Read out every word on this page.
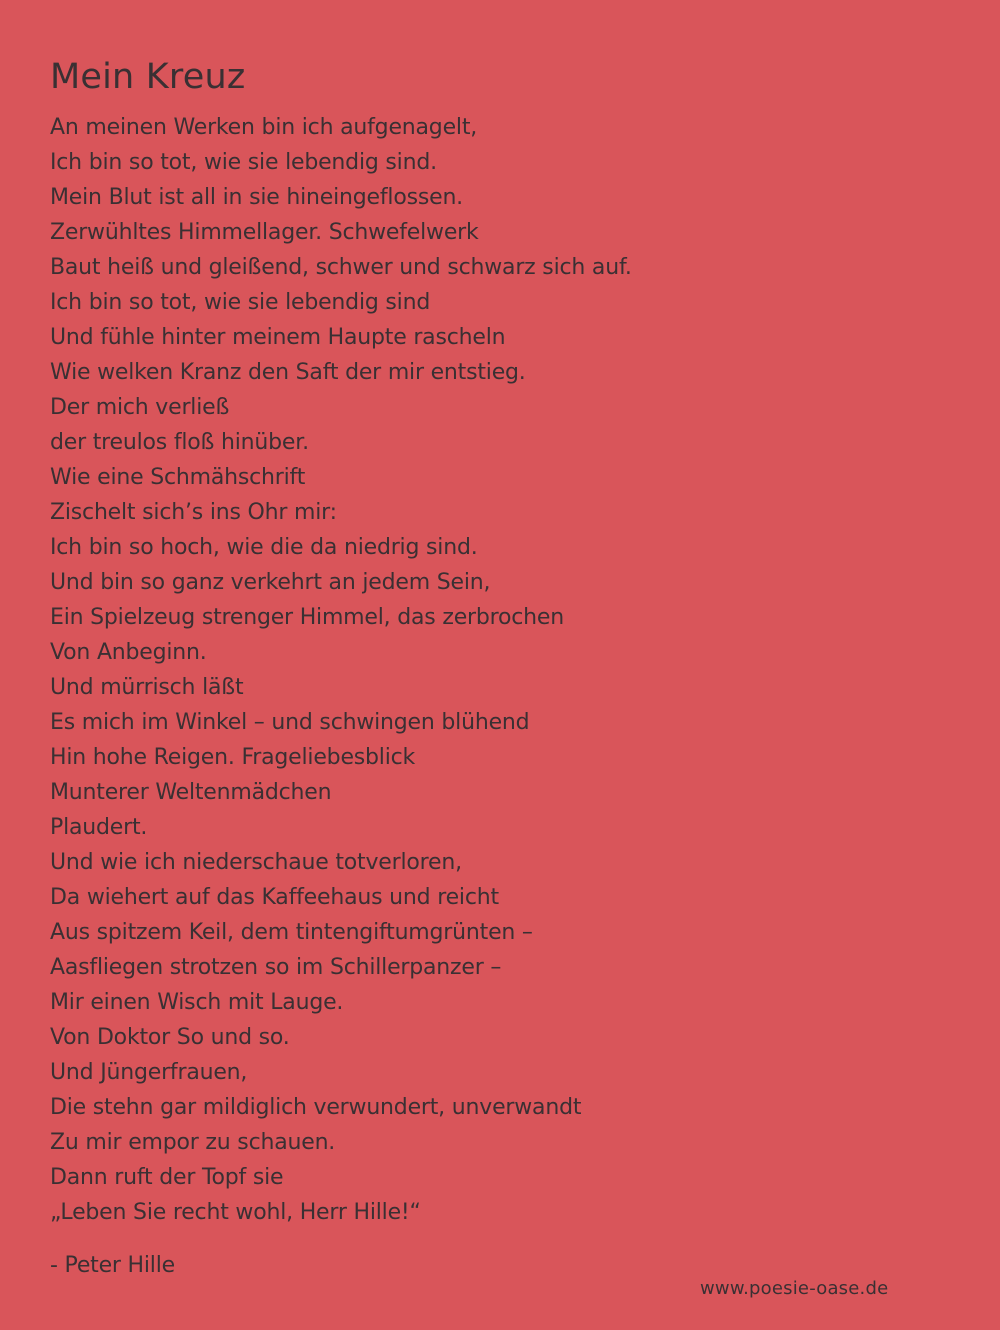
Mein Kreuz
An meinen Werken bin ich aufgenagelt,
Ich bin so tot, wie sie lebendig sind.
Mein Blut ist all in sie hineingeflossen.
Zerwühltes Himmellager. Schwefelwerk
Baut heiß und gleißend, schwer und schwarz sich auf.
Ich bin so tot, wie sie lebendig sind
Und fühle hinter meinem Haupte rascheln
Wie welken Kranz den Saft der mir entstieg.
Der mich verließ
der treulos floß hinüber.
Wie eine Schmähschrift
Zischelt sich’s ins Ohr mir:
Ich bin so hoch, wie die da niedrig sind.
Und bin so ganz verkehrt an jedem Sein,
Ein Spielzeug strenger Himmel, das zerbrochen
Von Anbeginn.
Und mürrisch läßt
Es mich im Winkel – und schwingen blühend
Hin hohe Reigen. Frageliebesblick
Munterer Weltenmädchen
Plaudert.
Und wie ich niederschaue totverloren,
Da wiehert auf das Kaffeehaus und reicht
Aus spitzem Keil, dem tintengiftumgrünten –
Aasfliegen strotzen so im Schillerpanzer –
Mir einen Wisch mit Lauge.
Von Doktor So und so.
Und Jüngerfrauen,
Die stehn gar mildiglich verwundert, unverwandt
Zu mir empor zu schauen.
Dann ruft der Topf sie
„Leben Sie recht wohl, Herr Hille!“
- Peter Hille
www.poesie-oase.de
